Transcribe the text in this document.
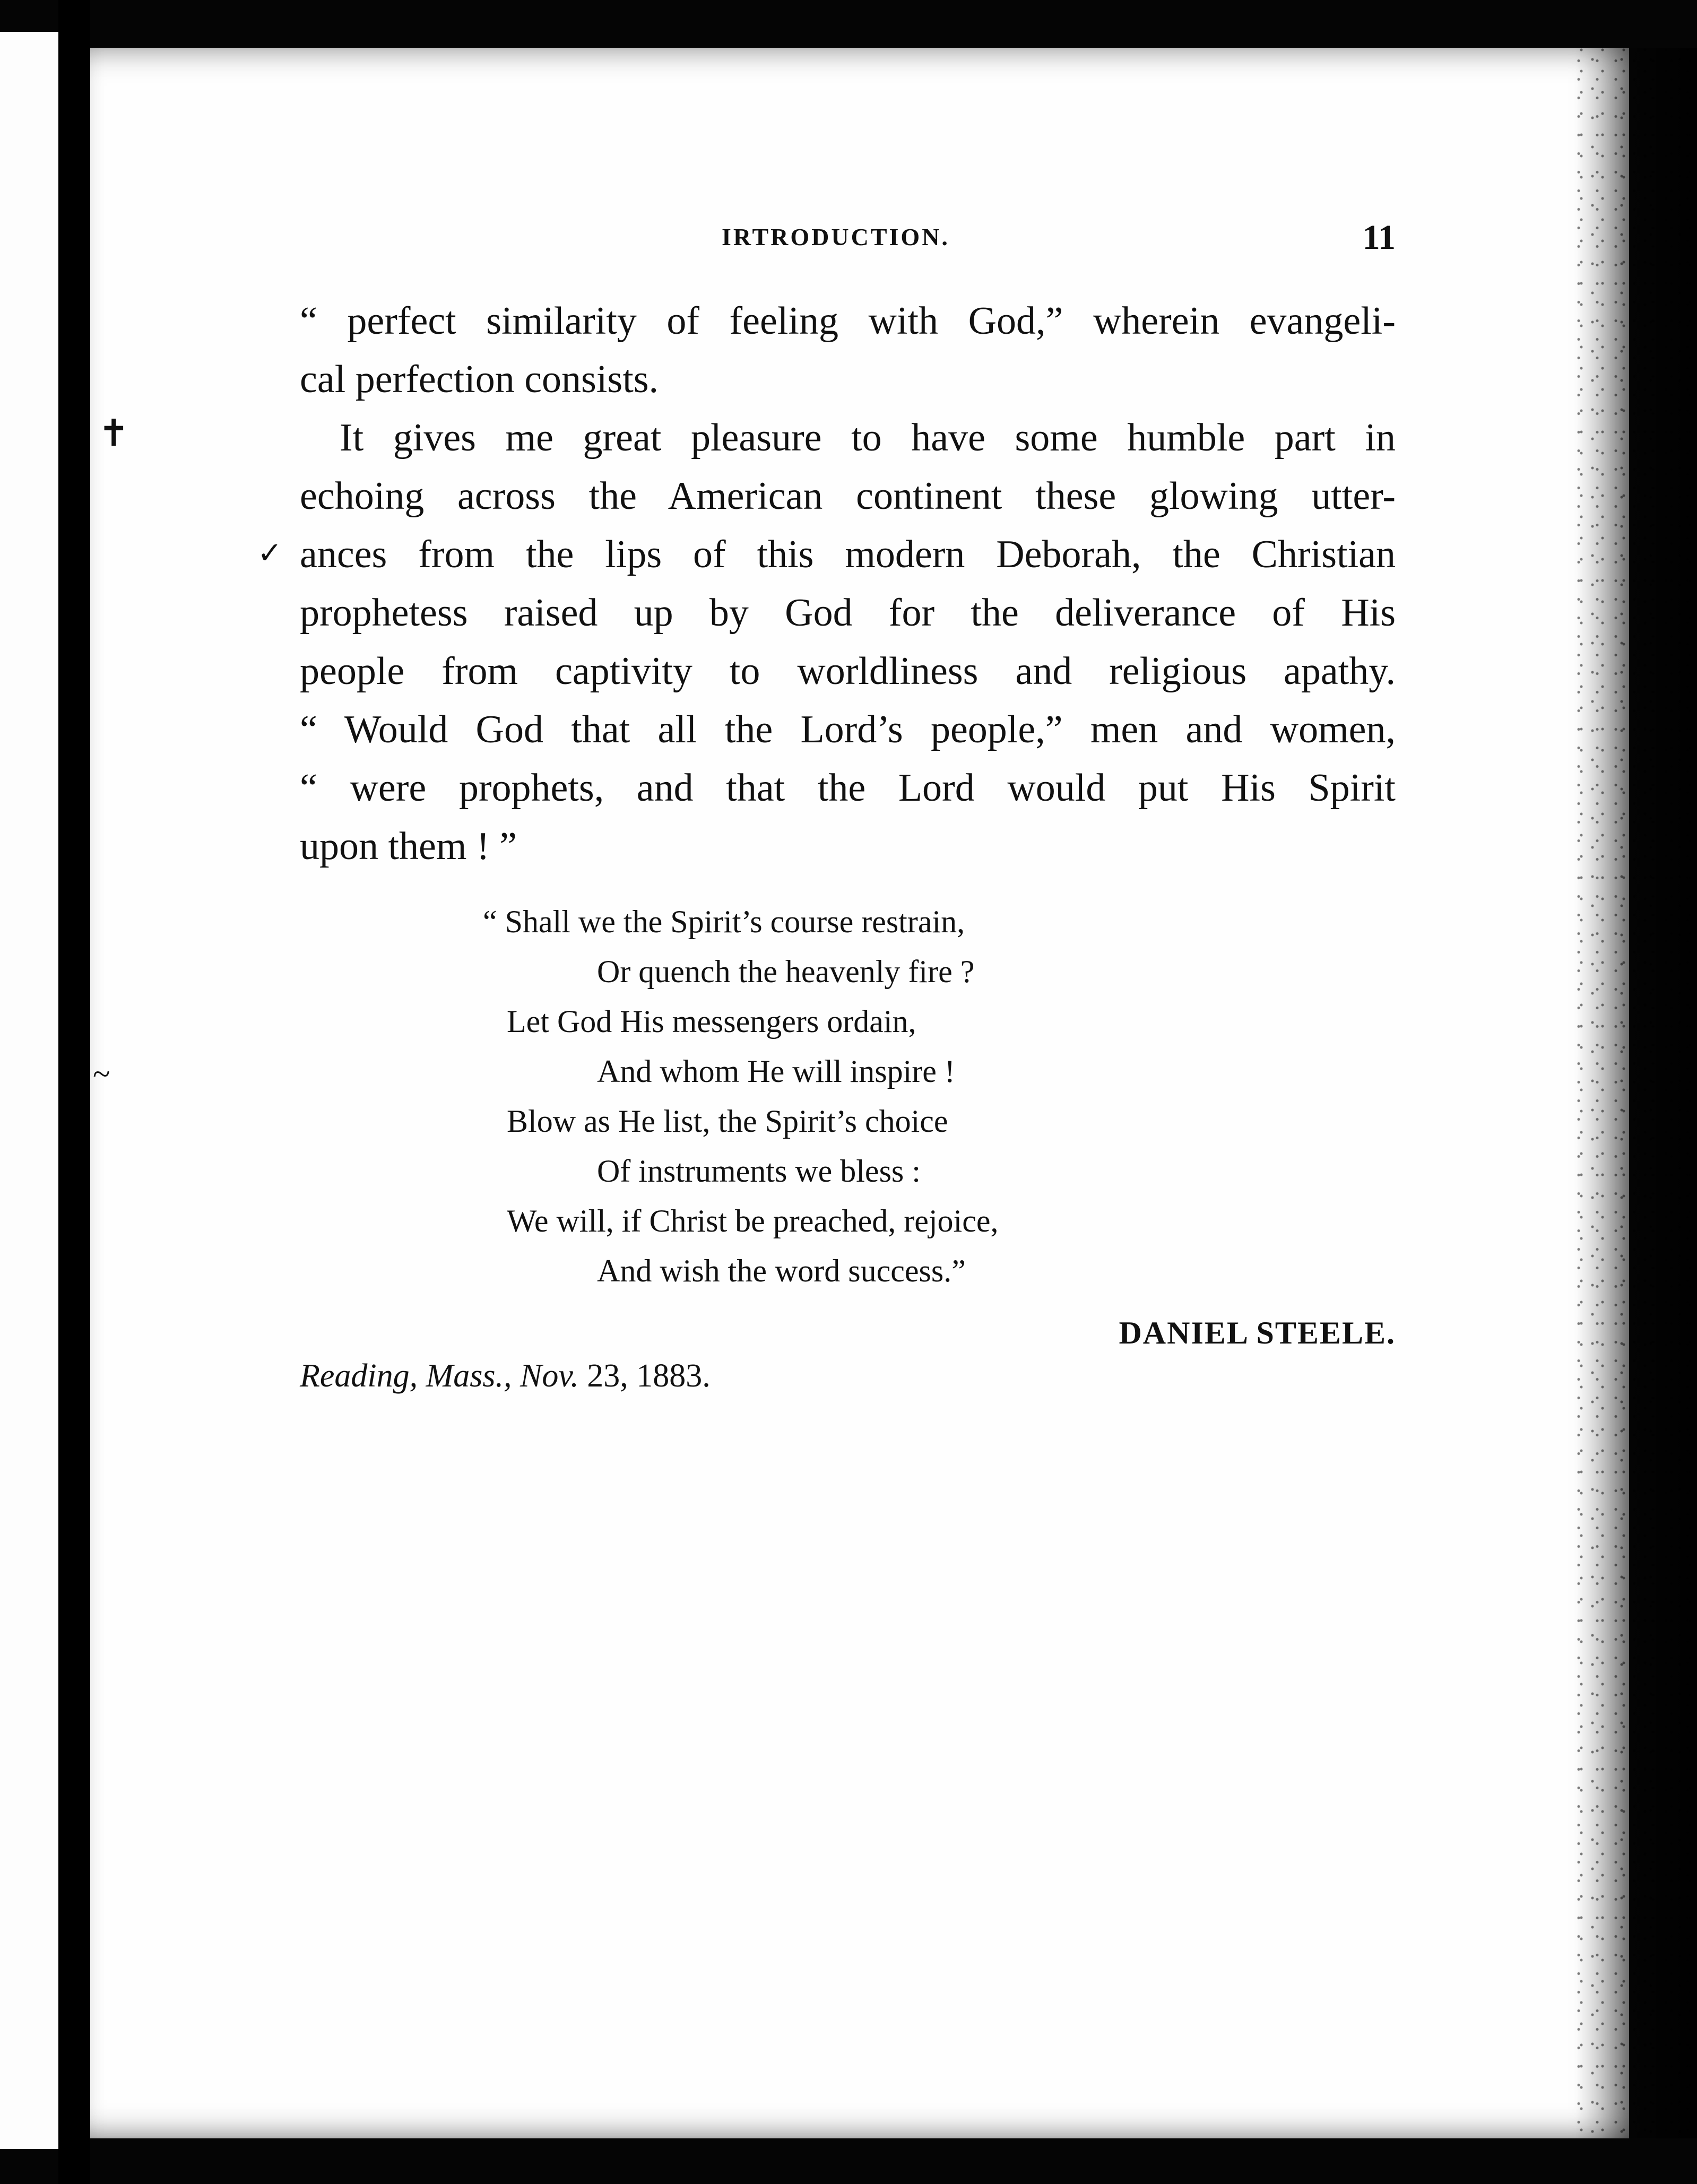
IRTRODUCTION.	11
“ perfect similarity of feeling with God,” wherein evangeli-
cal perfection consists.
It gives me great pleasure to have some humble part in
echoing across the American continent these glowing utter-
ances from the lips of this modern Deborah, the Christian
prophetess raised up by God for the deliverance of His
people from captivity to worldliness and religious apathy.
“ Would God that all the Lord’s people,” men and women,
“ were prophets, and that the Lord would put His Spirit
upon them ! ”
“ Shall we the Spirit’s course restrain,
Or quench the heavenly fire ?
Let God His messengers ordain,
And whom He will inspire !
Blow as He list, the Spirit’s choice
Of instruments we bless :
We will, if Christ be preached, rejoice,
And wish the word success.”
DANIEL STEELE.
Reading, Mass., Nov. 23, 1883.
✝
✓
~
